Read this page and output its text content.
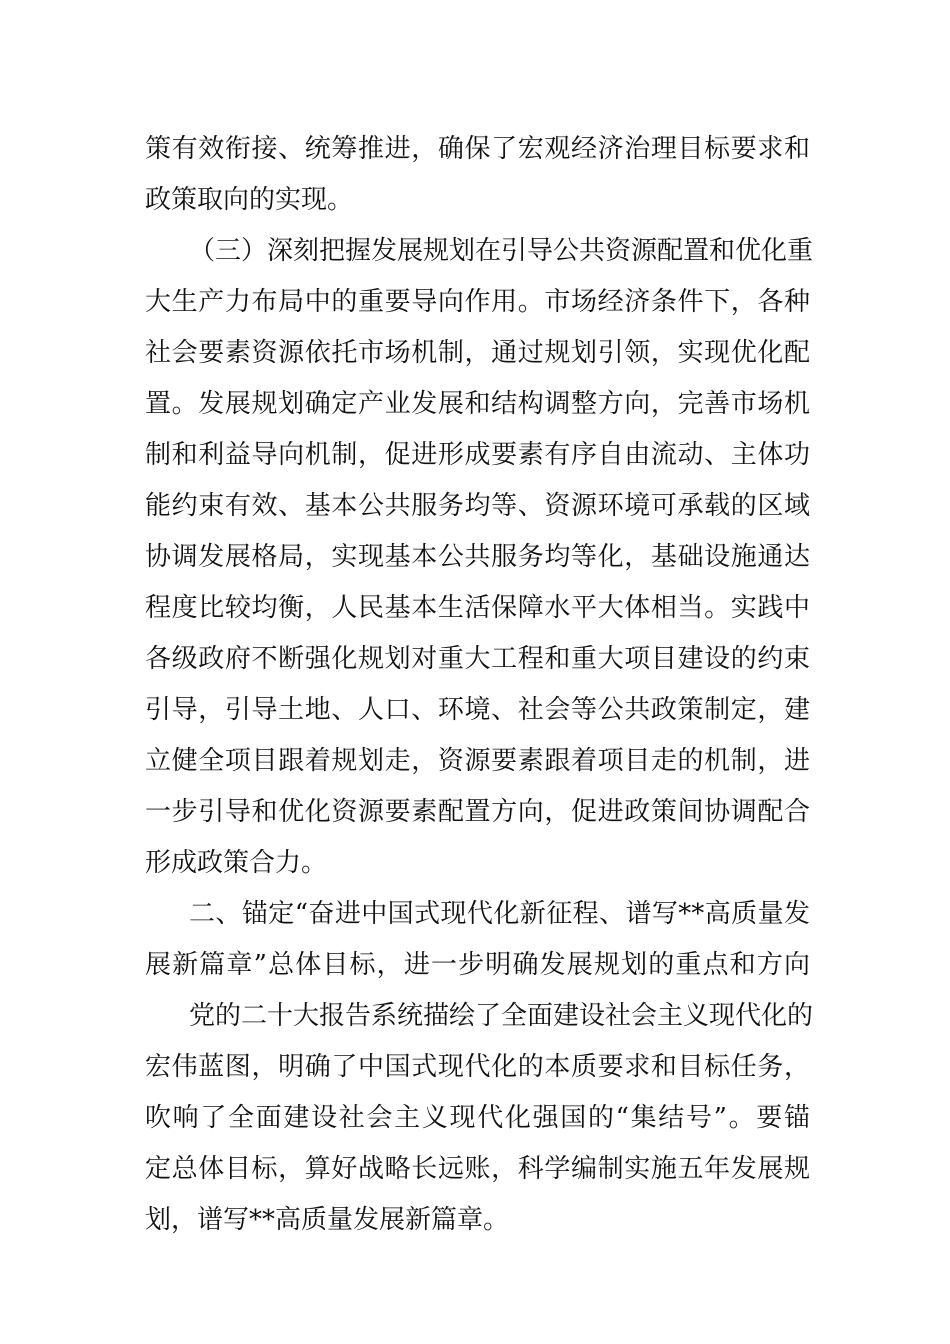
策有效衔接、统筹推进，确保了宏观经济治理目标要求和
政策取向的实现。
（三）深刻把握发展规划在引导公共资源配置和优化重
大生产力布局中的重要导向作用。市场经济条件下，各种
社会要素资源依托市场机制，通过规划引领，实现优化配
置。发展规划确定产业发展和结构调整方向，完善市场机
制和利益导向机制，促进形成要素有序自由流动、主体功
能约束有效、基本公共服务均等、资源环境可承载的区域
协调发展格局，实现基本公共服务均等化，基础设施通达
程度比较均衡，人民基本生活保障水平大体相当。实践中
各级政府不断强化规划对重大工程和重大项目建设的约束
引导，引导土地、人口、环境、社会等公共政策制定，建
立健全项目跟着规划走，资源要素跟着项目走的机制，进
一步引导和优化资源要素配置方向，促进政策间协调配合
形成政策合力。
二、锚定“奋进中国式现代化新征程、谱写**高质量发
展新篇章”总体目标，进一步明确发展规划的重点和方向
党的二十大报告系统描绘了全面建设社会主义现代化的
宏伟蓝图，明确了中国式现代化的本质要求和目标任务，
吹响了全面建设社会主义现代化强国的“集结号”。要锚
定总体目标，算好战略长远账，科学编制实施五年发展规
划，谱写**高质量发展新篇章。
